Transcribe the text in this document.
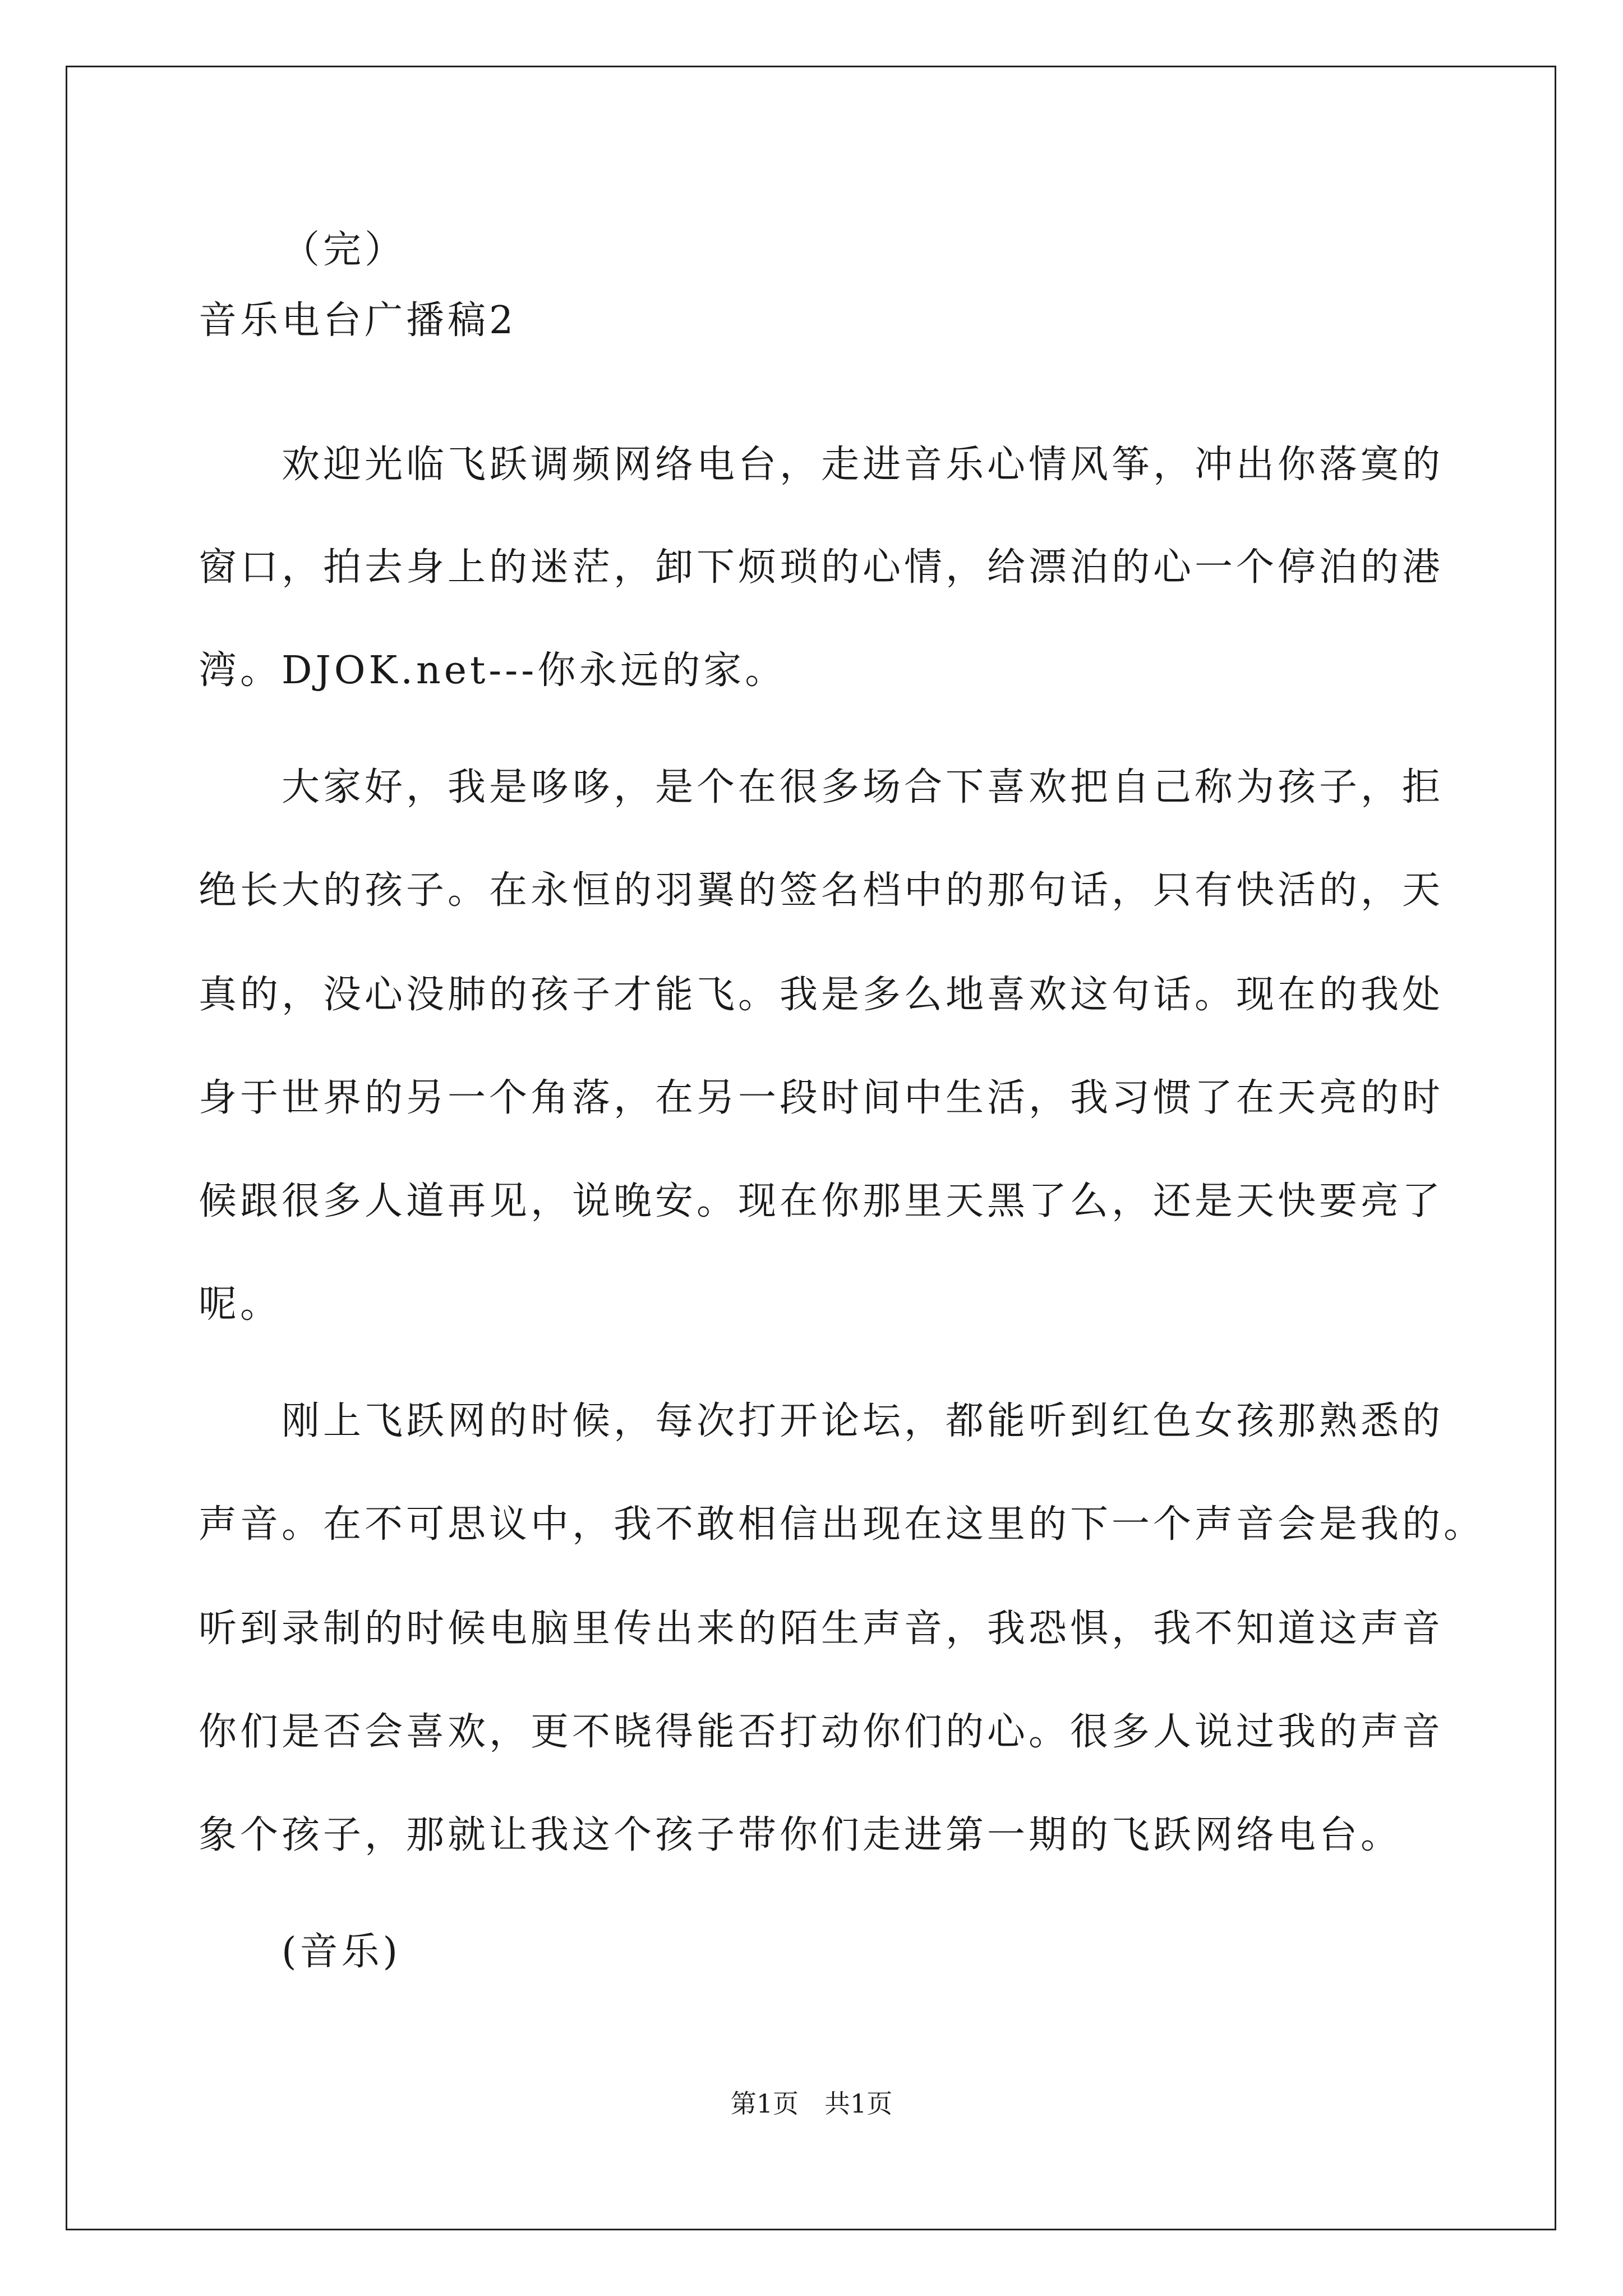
（完）
音乐电台广播稿2
欢迎光临飞跃调频网络电台，走进音乐心情风筝，冲出你落寞的
窗口，拍去身上的迷茫，卸下烦琐的心情，给漂泊的心一个停泊的港
湾。DJOK.net---你永远的家。
大家好，我是哆哆，是个在很多场合下喜欢把自己称为孩子，拒
绝长大的孩子。在永恒的羽翼的签名档中的那句话，只有快活的，天
真的，没心没肺的孩子才能飞。我是多么地喜欢这句话。现在的我处
身于世界的另一个角落，在另一段时间中生活，我习惯了在天亮的时
候跟很多人道再见，说晚安。现在你那里天黑了么，还是天快要亮了
呢。
刚上飞跃网的时候，每次打开论坛，都能听到红色女孩那熟悉的
声音。在不可思议中，我不敢相信出现在这里的下一个声音会是我的。
听到录制的时候电脑里传出来的陌生声音，我恐惧，我不知道这声音
你们是否会喜欢，更不晓得能否打动你们的心。很多人说过我的声音
象个孩子，那就让我这个孩子带你们走进第一期的飞跃网络电台。
(音乐)
第1页　共1页
